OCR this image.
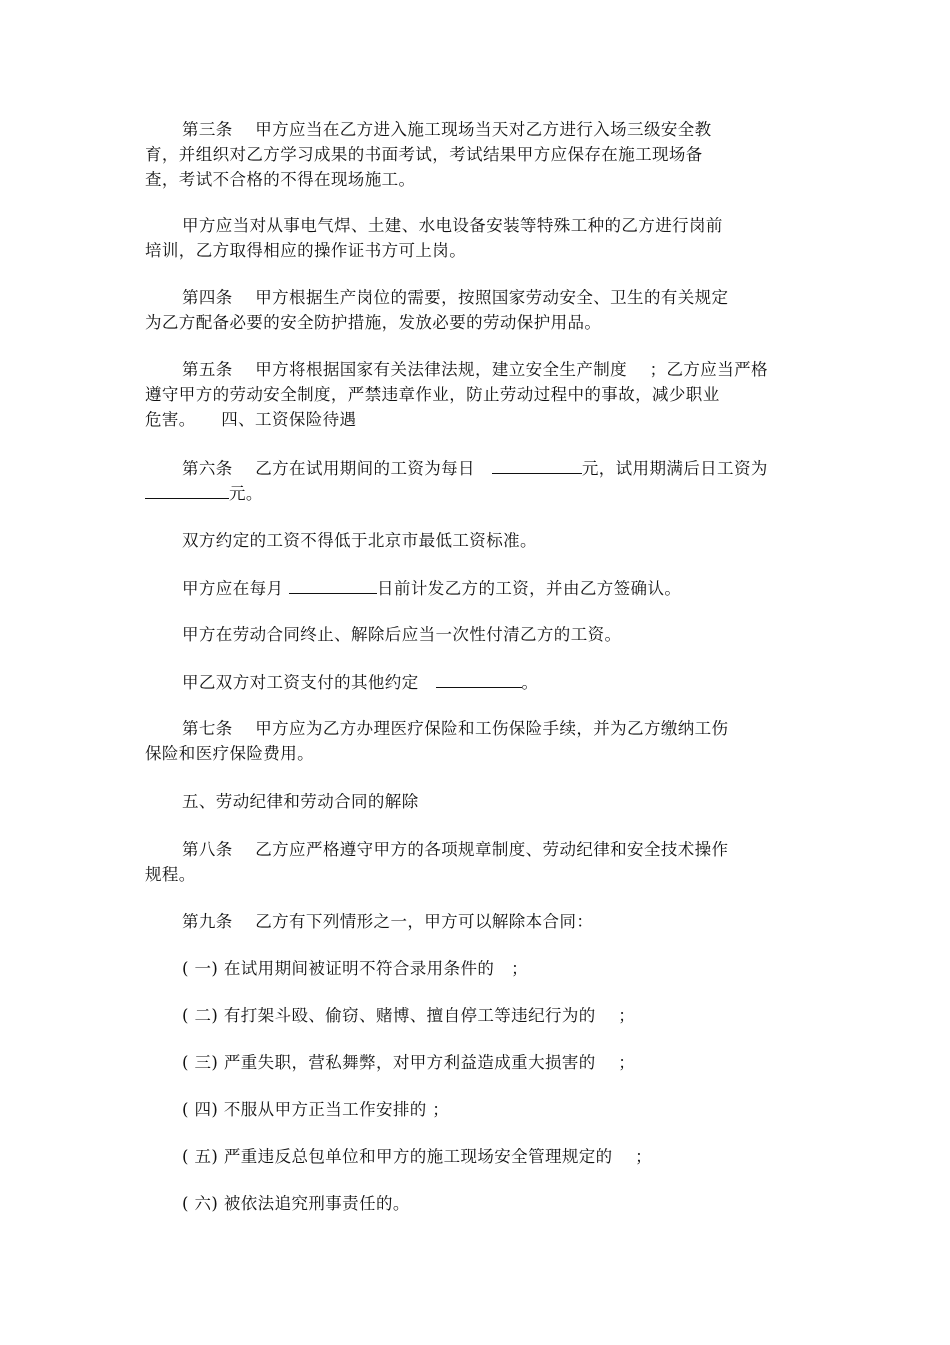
第三条　 甲方应当在乙方进入施工现场当天对乙方进行入场三级安全教

育，并组织对乙方学习成果的书面考试，考试结果甲方应保存在施工现场备

查，考试不合格的不得在现场施工。

甲方应当对从事电气焊、土建、水电设备安装等特殊工种的乙方进行岗前

培训，乙方取得相应的操作证书方可上岗。

第四条　 甲方根据生产岗位的需要，按照国家劳动安全、卫生的有关规定

为乙方配备必要的安全防护措施，发放必要的劳动保护用品。

第五条　 甲方将根据国家有关法律法规，建立安全生产制度　 ；乙方应当严格

遵守甲方的劳动安全制度，严禁违章作业，防止劳动过程中的事故，减少职业

危害。　　四、工资保险待遇

第六条　 乙方在试用期间的工资为每日　	元，试用期满后日工资为

元。

双方约定的工资不得低于北京市最低工资标准。

甲方应在每月	日前计发乙方的工资，并由乙方签确认。

甲方在劳动合同终止、解除后应当一次性付清乙方的工资。

甲乙双方对工资支付的其他约定　	。

第七条　 甲方应为乙方办理医疗保险和工伤保险手续，并为乙方缴纳工伤

保险和医疗保险费用。

五、劳动纪律和劳动合同的解除

第八条　 乙方应严格遵守甲方的各项规章制度、劳动纪律和安全技术操作

规程。

第九条　 乙方有下列情形之一，甲方可以解除本合同：

( 一) 在试用期间被证明不符合录用条件的　；

( 二) 有打架斗殴、偷窃、赌博、擅自停工等违纪行为的　 ；

( 三) 严重失职，营私舞弊，对甲方利益造成重大损害的　 ；

( 四) 不服从甲方正当工作安排的 ；

( 五) 严重违反总包单位和甲方的施工现场安全管理规定的　 ；

( 六) 被依法追究刑事责任的。
